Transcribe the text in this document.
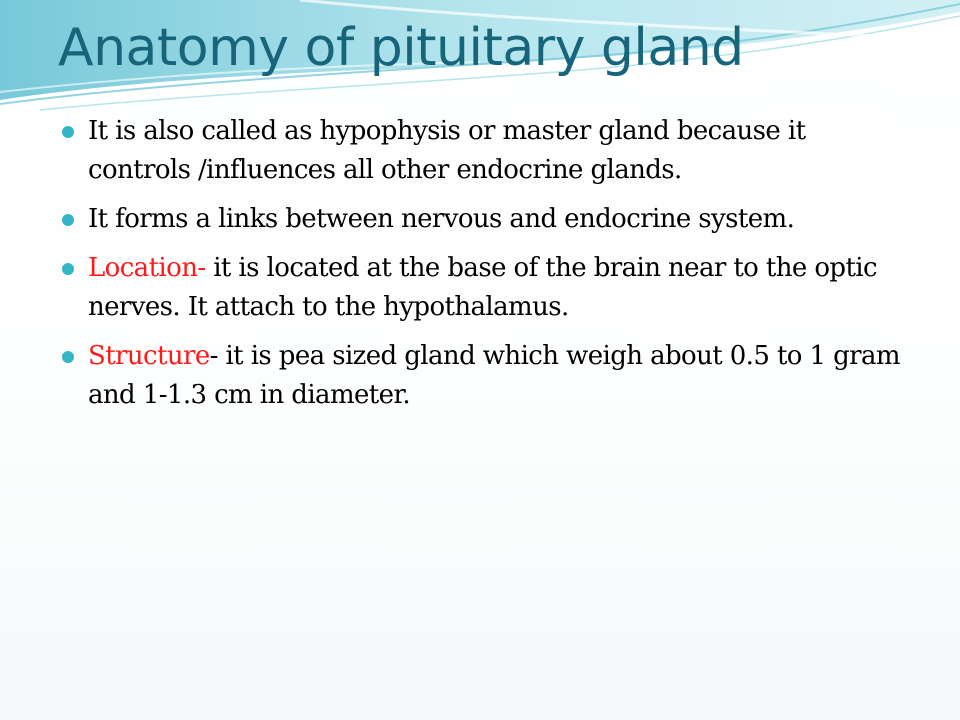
Anatomy of pituitary gland
It is also called as hypophysis or master gland because it controls /influences all other endocrine glands.
It forms a links between nervous and endocrine system.
Location- it is located at the base of the brain near to the optic nerves. It attach to the hypothalamus.
Structure- it is pea sized gland which weigh about 0.5 to 1 gram and 1-1.3 cm in diameter.
